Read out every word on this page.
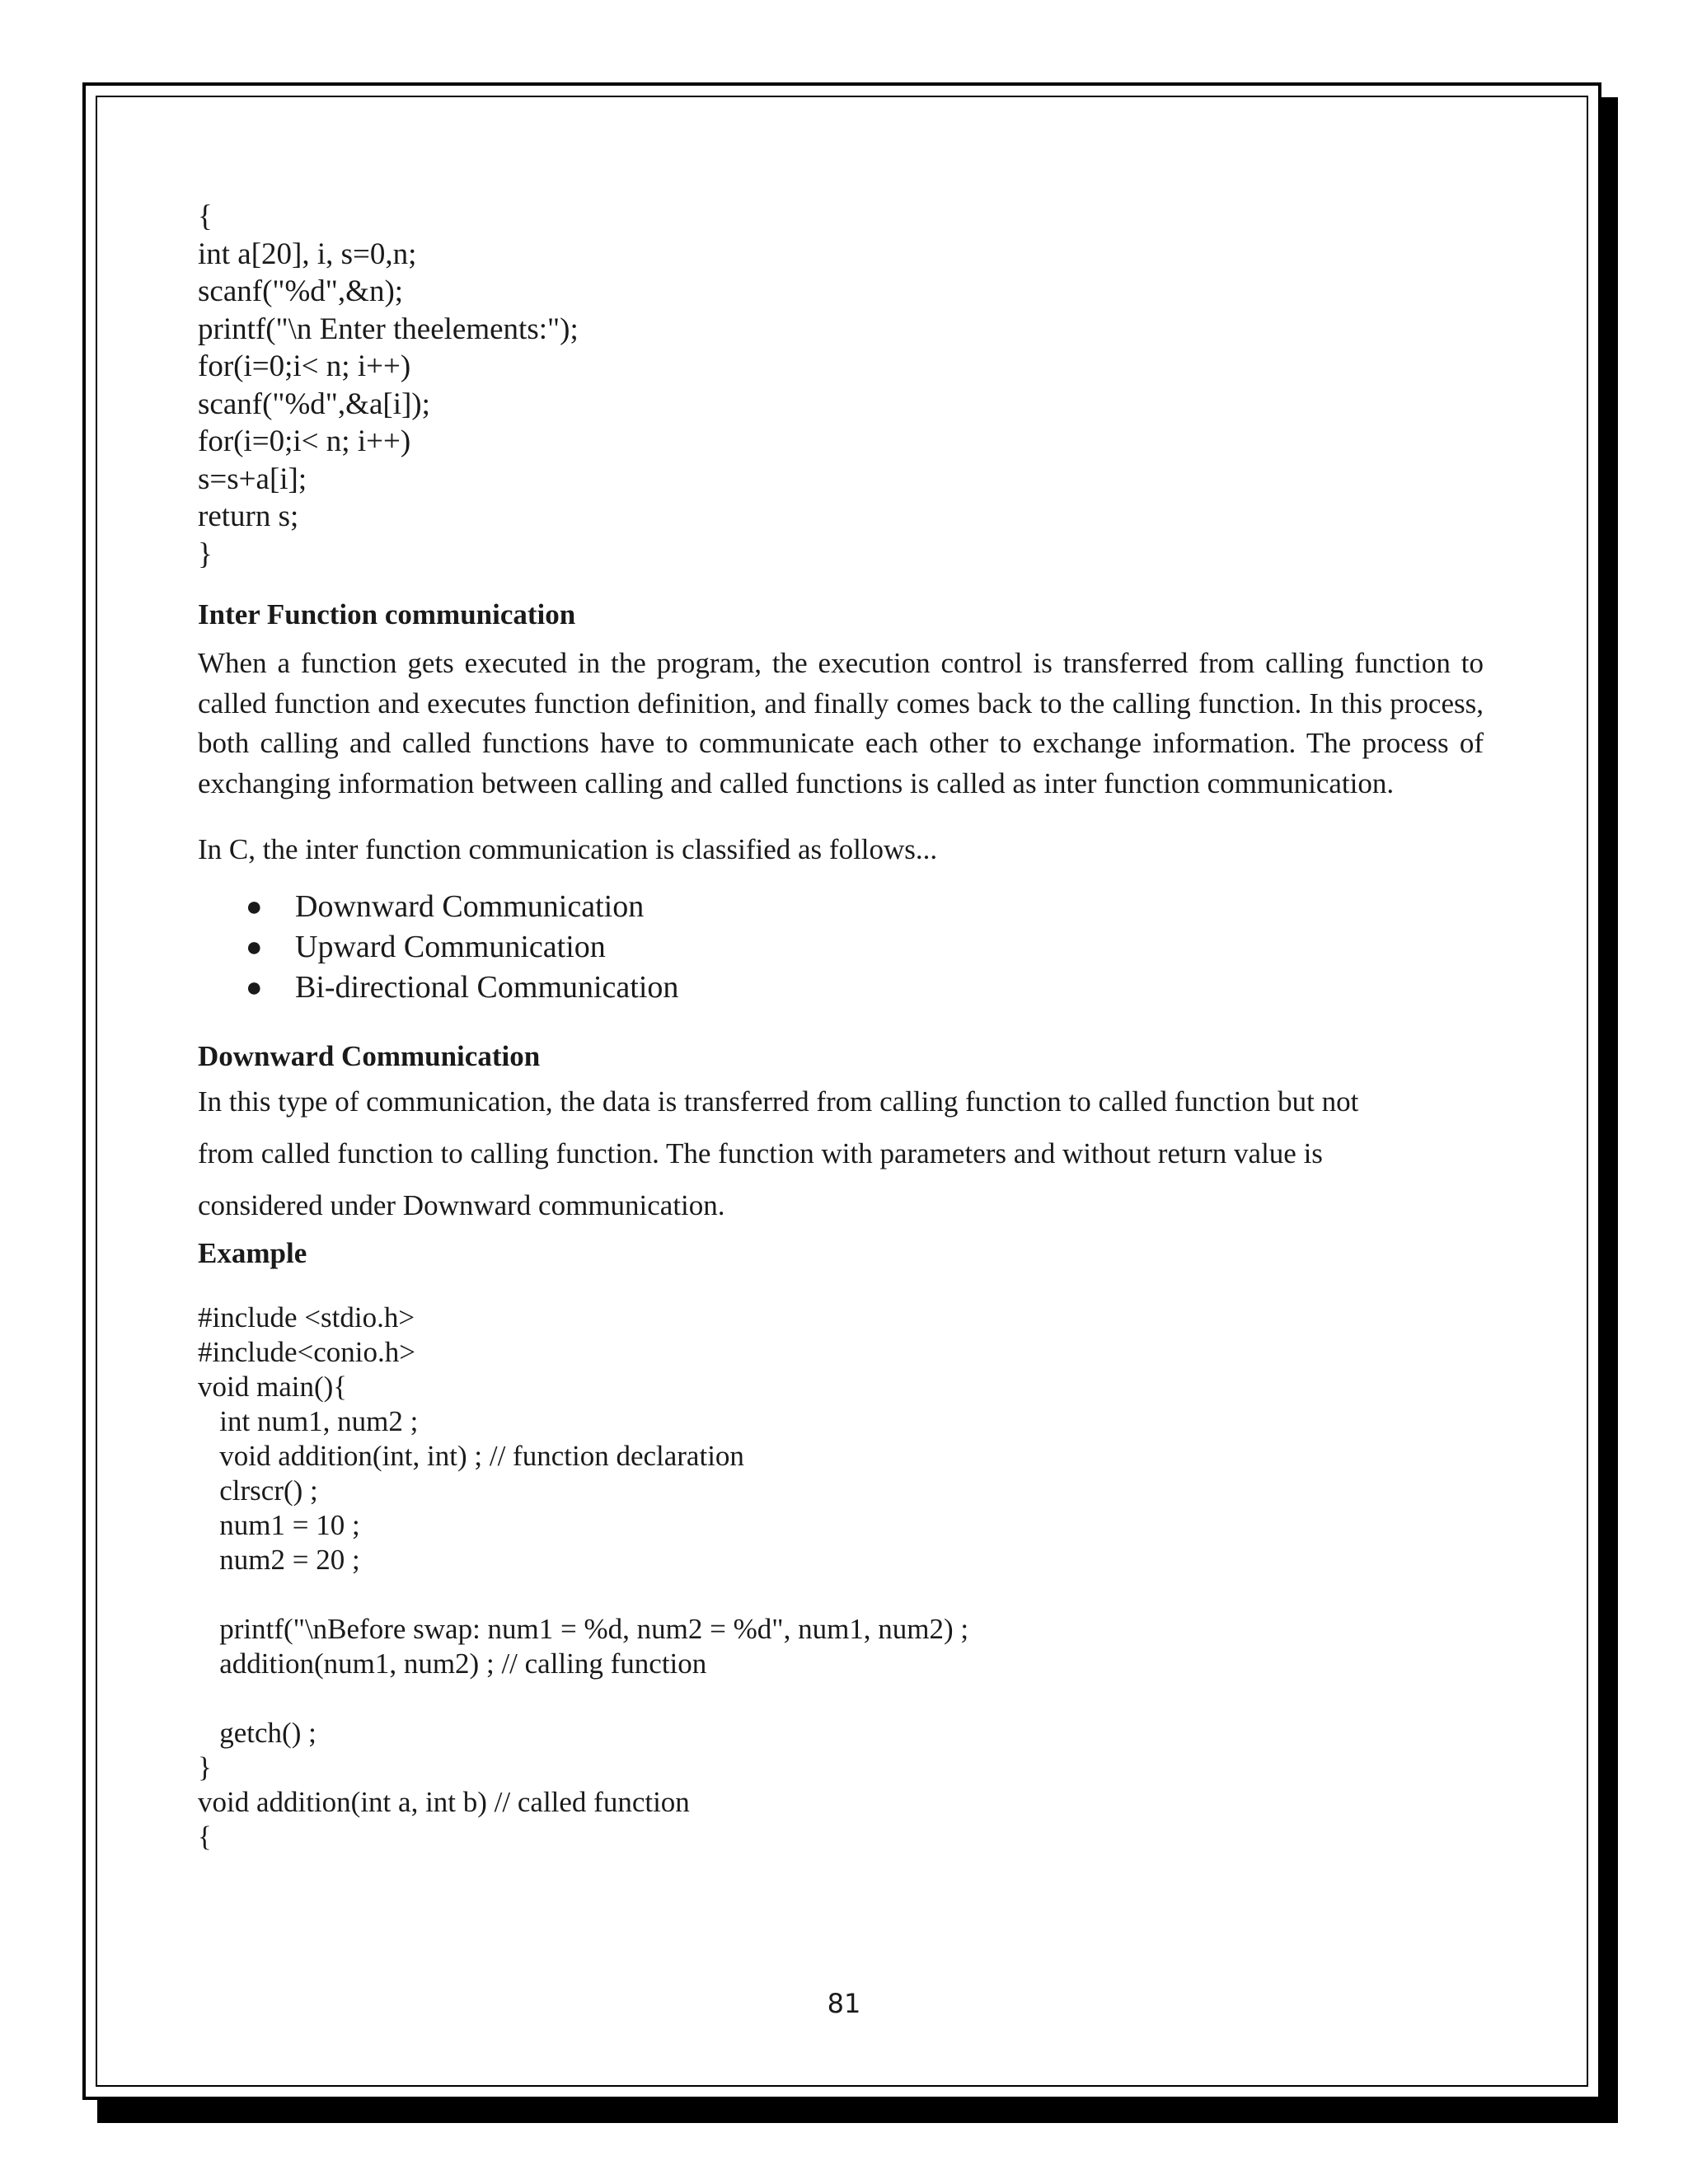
{
int a[20], i, s=0,n;
scanf("%d",&n);
printf("\n Enter theelements:");
for(i=0;i< n; i++)
scanf("%d",&a[i]);
for(i=0;i< n; i++)
s=s+a[i];
return s;
}
Inter Function communication
When a function gets executed in the program, the execution control is transferred from calling function to called function and executes function definition, and finally comes back to the calling function. In this process, both calling and called functions have to communicate each other to exchange information. The process of exchanging information between calling and called functions is called as inter function communication.
In C, the inter function communication is classified as follows...
● Downward Communication
● Upward Communication
● Bi-directional Communication
Downward Communication
In this type of communication, the data is transferred from calling function to called function but not
from called function to calling function. The function with parameters and without return value is
considered under Downward communication.
Example
#include <stdio.h>
#include<conio.h>
void main(){
int num1, num2 ;
void addition(int, int) ; // function declaration
clrscr() ;
num1 = 10 ;
num2 = 20 ;

printf("\nBefore swap: num1 = %d, num2 = %d", num1, num2) ;
addition(num1, num2) ; // calling function

getch() ;
}
void addition(int a, int b) // called function
{
81
